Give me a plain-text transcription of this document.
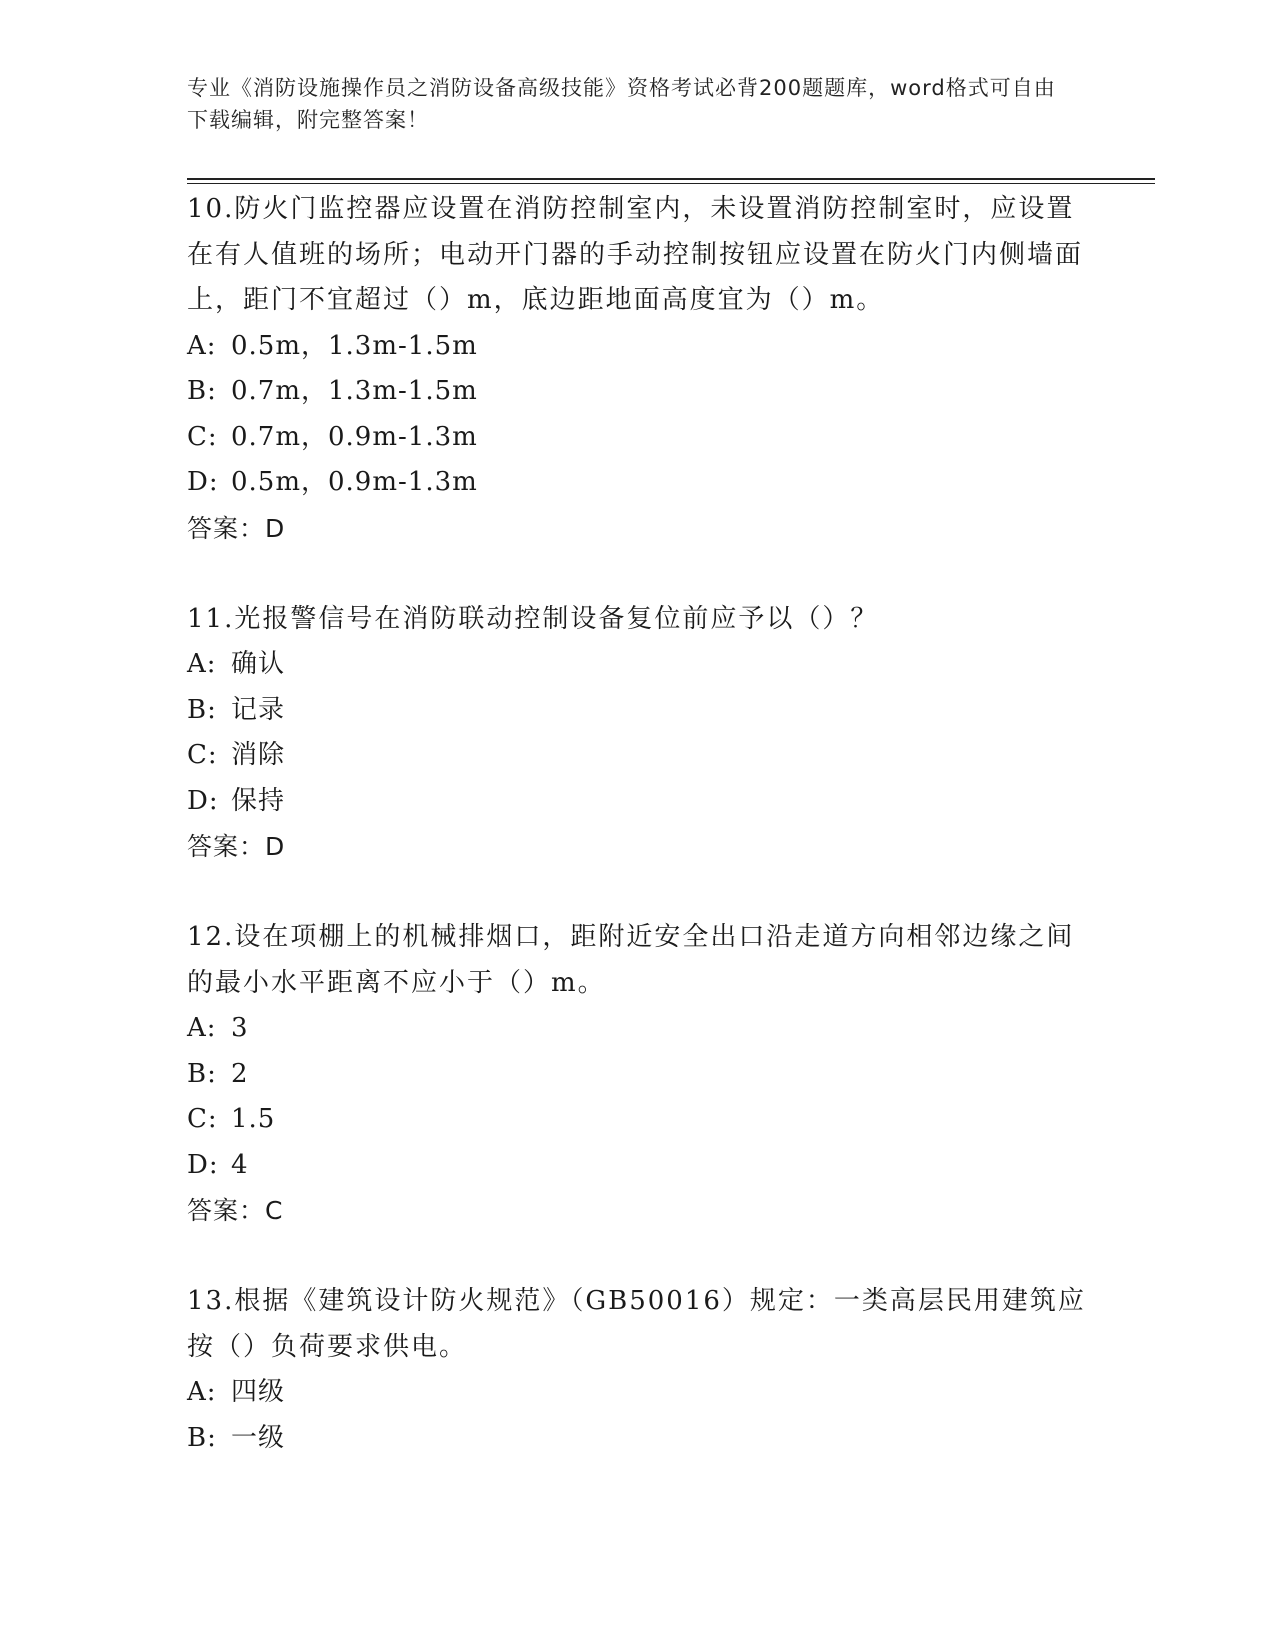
专业《消防设施操作员之消防设备高级技能》资格考试必背200题题库，word格式可自由下载编辑，附完整答案！

10.防火门监控器应设置在消防控制室内，未设置消防控制室时，应设置在有人值班的场所；电动开门器的手动控制按钮应设置在防火门内侧墙面上，距门不宜超过（）m，底边距地面高度宜为（）m。

A: 0.5m，1.3m-1.5m
B: 0.7m，1.3m-1.5m
C: 0.7m，0.9m-1.3m
D: 0.5m，0.9m-1.3m
答案：D

11.光报警信号在消防联动控制设备复位前应予以（）？

A: 确认
B: 记录
C: 消除
D: 保持
答案：D

12.设在项棚上的机械排烟口，距附近安全出口沿走道方向相邻边缘之间的最小水平距离不应小于（）m。

A: 3
B: 2
C: 1.5
D: 4
答案：C

13.根据《建筑设计防火规范》（GB50016）规定：一类高层民用建筑应按（）负荷要求供电。

A: 四级
B: 一级
